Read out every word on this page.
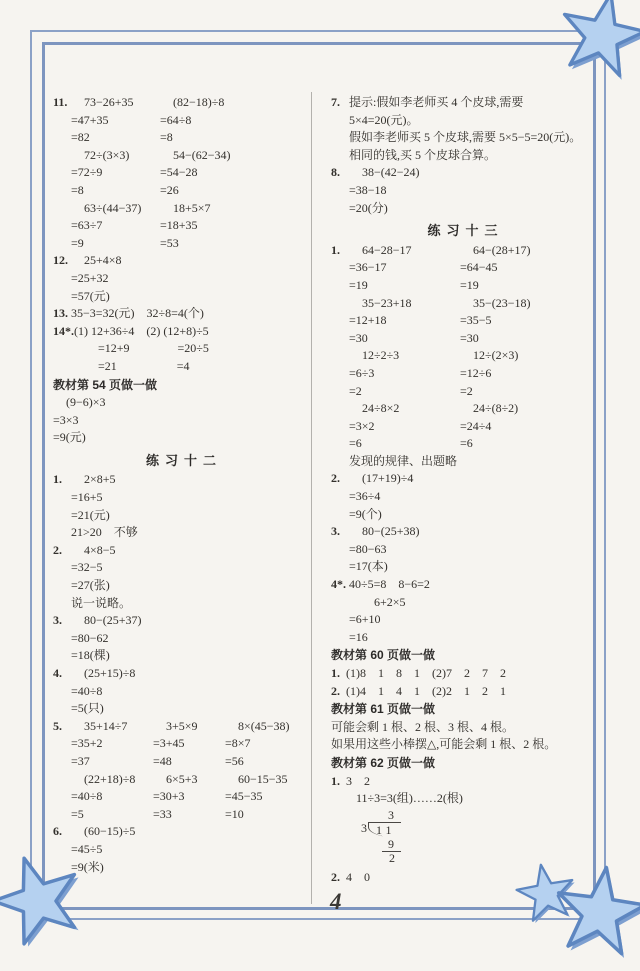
11.	73−26+35	(82−18)÷8
=47+35	=64÷8
=82	=8
72÷(3×3)	54−(62−34)
=72÷9	=54−28
=8	=26
63÷(44−37)	18+5×7
=63÷7	=18+35
=9	=53
12.	25+4×8
=25+32
=57(元)
13. 35−3=32(元)　32÷8=4(个)
14*. (1) 12+36÷4　(2) (12+8)÷5
　　=12+9　　　　=20÷5
　　=21　　　　　=4
教材第 54 页做一做
(9−6)×3
=3×3
=9(元)
练习十二
1.	2×8+5
=16+5
=21(元)
21>20　不够
2.	4×8−5
=32−5
=27(张)
说一说略。
3.	80−(25+37)
=80−62
=18(棵)
4.	(25+15)÷8
=40÷8
=5(只)
5.	35+14÷7	3+5×9	8×(45−38)
=35+2	=3+45	=8×7
=37	=48	=56
(22+18)÷8	6×5+3	60−15−35
=40÷8	=30+3	=45−35
=5	=33	=10
6.	(60−15)÷5
=45÷5
=9(米)
7. 提示:假如李老师买 4 个皮球,需要 5×4=20(元)。
假如李老师买 5 个皮球,需要 5×5−5=20(元)。
相同的钱,买 5 个皮球合算。
8.	38−(42−24)
=38−18
=20(分)
练习十三
1.	64−28−17	64−(28+17)
=36−17	=64−45
=19	=19
35−23+18	35−(23−18)
=12+18	=35−5
=30	=30
12÷2÷3	12÷(2×3)
=6÷3	=12÷6
=2	=2
24÷8×2	24÷(8÷2)
=3×2	=24÷4
=6	=6
发现的规律、出题略
2.	(17+19)÷4
=36÷4
=9(个)
3.	80−(25+38)
=80−63
=17(本)
4*. 40÷5=8　8−6=2
　6+2×5
=6+10
=16
教材第 60 页做一做
1. (1)8　1　8　1　(2)7　2　7　2
2. (1)4　1　4　1　(2)2　1　2　1
教材第 61 页做一做
可能会剩 1 根、2 根、3 根、4 根。
如果用这些小棒摆△,可能会剩 1 根、2 根。
教材第 62 页做一做
1. 3　2
　11÷3=3(组)……2(根)
3
3 11
9
2
2. 4　0
4
